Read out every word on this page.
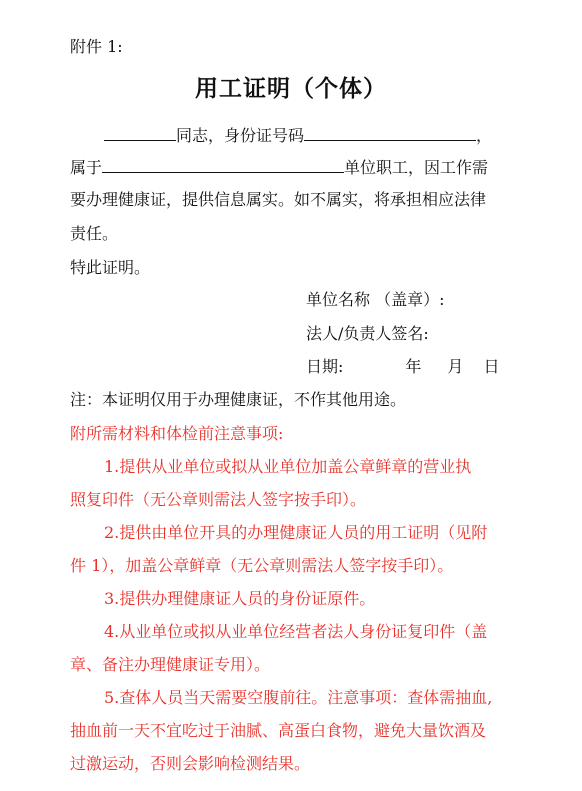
附件 1:
用工证明（个体）
同志，身份证号码	，
属于	单位职工，因工作需
要办理健康证，提供信息属实。如不属实，将承担相应法律
责任。
特此证明。
单位名称 （盖章）:
法人/负责人签名:
日期:	年 月 日
注：本证明仅用于办理健康证，不作其他用途。
附所需材料和体检前注意事项:
1.提供从业单位或拟从业单位加盖公章鲜章的营业执
照复印件（无公章则需法人签字按手印）。
2.提供由单位开具的办理健康证人员的用工证明（见附
件 1），加盖公章鲜章（无公章则需法人签字按手印）。
3.提供办理健康证人员的身份证原件。
4.从业单位或拟从业单位经营者法人身份证复印件（盖
章、备注办理健康证专用）。
5.查体人员当天需要空腹前往。注意事项：查体需抽血,
抽血前一天不宜吃过于油腻、高蛋白食物，避免大量饮酒及
过激运动，否则会影响检测结果。
